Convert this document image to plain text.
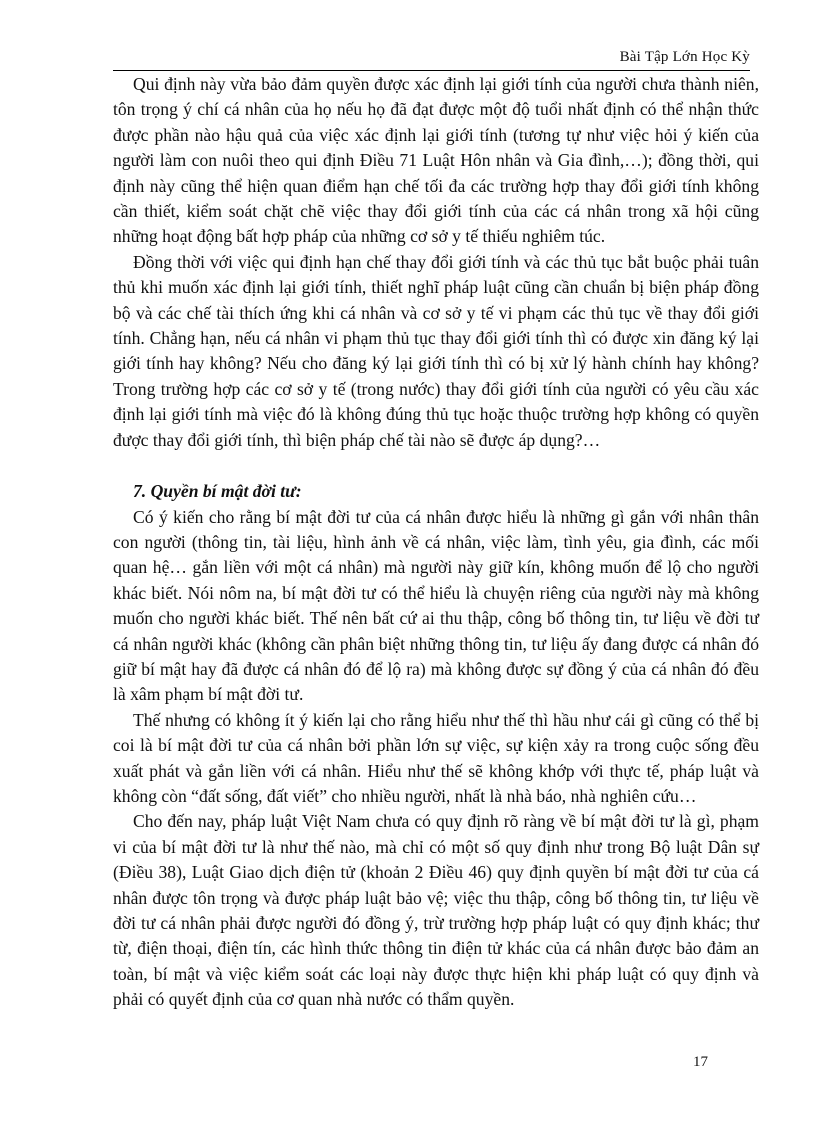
Bài Tập Lớn Học Kỳ

Qui định này vừa bảo đảm quyền được xác định lại giới tính của người chưa thành niên, tôn trọng ý chí cá nhân của họ nếu họ đã đạt được một độ tuổi nhất định có thể nhận thức được phần nào hậu quả của việc xác định lại giới tính (tương tự như việc hỏi ý kiến của người làm con nuôi theo qui định Điều 71 Luật Hôn nhân và Gia đình,…); đồng thời, qui định này cũng thể hiện quan điểm hạn chế tối đa các trường hợp thay đổi giới tính không cần thiết, kiểm soát chặt chẽ việc thay đổi giới tính của các cá nhân trong xã hội cũng những hoạt động bất hợp pháp của những cơ sở y tế thiếu nghiêm túc.

Đồng thời với việc qui định hạn chế thay đổi giới tính và các thủ tục bắt buộc phải tuân thủ khi muốn xác định lại giới tính, thiết nghĩ pháp luật cũng cần chuẩn bị biện pháp đồng bộ và các chế tài thích ứng khi cá nhân và cơ sở y tế vi phạm các thủ tục về thay đổi giới tính. Chẳng hạn, nếu cá nhân vi phạm thủ tục thay đổi giới tính thì có được xin đăng ký lại giới tính hay không? Nếu cho đăng ký lại giới tính thì có bị xử lý hành chính hay không? Trong trường hợp các cơ sở y tế (trong nước) thay đổi giới tính của người có yêu cầu xác định lại giới tính mà việc đó là không đúng thủ tục hoặc thuộc trường hợp không có quyền được thay đổi giới tính, thì biện pháp chế tài nào sẽ được áp dụng?…

7. Quyền bí mật đời tư:

Có ý kiến cho rằng bí mật đời tư của cá nhân được hiểu là những gì gắn với nhân thân con người (thông tin, tài liệu, hình ảnh về cá nhân, việc làm, tình yêu, gia đình, các mối quan hệ… gắn liền với một cá nhân) mà người này giữ kín, không muốn để lộ cho người khác biết. Nói nôm na, bí mật đời tư có thể hiểu là chuyện riêng của người này mà không muốn cho người khác biết. Thế nên bất cứ ai thu thập, công bố thông tin, tư liệu về đời tư cá nhân người khác (không cần phân biệt những thông tin, tư liệu ấy đang được cá nhân đó giữ bí mật hay đã được cá nhân đó để lộ ra) mà không được sự đồng ý của cá nhân đó đều là xâm phạm bí mật đời tư.

Thế nhưng có không ít ý kiến lại cho rằng hiểu như thế thì hầu như cái gì cũng có thể bị coi là bí mật đời tư của cá nhân bởi phần lớn sự việc, sự kiện xảy ra trong cuộc sống đều xuất phát và gắn liền với cá nhân. Hiểu như thế sẽ không khớp với thực tế, pháp luật và không còn “đất sống, đất viết” cho nhiều người, nhất là nhà báo, nhà nghiên cứu…

Cho đến nay, pháp luật Việt Nam chưa có quy định rõ ràng về bí mật đời tư là gì, phạm vi của bí mật đời tư là như thế nào, mà chỉ có một số quy định như trong Bộ luật Dân sự (Điều 38), Luật Giao dịch điện tử (khoản 2 Điều 46) quy định quyền bí mật đời tư của cá nhân được tôn trọng và được pháp luật bảo vệ; việc thu thập, công bố thông tin, tư liệu về đời tư cá nhân phải được người đó đồng ý, trừ trường hợp pháp luật có quy định khác; thư từ, điện thoại, điện tín, các hình thức thông tin điện tử khác của cá nhân được bảo đảm an toàn, bí mật và việc kiểm soát các loại này được thực hiện khi pháp luật có quy định và phải có quyết định của cơ quan nhà nước có thẩm quyền.

17
